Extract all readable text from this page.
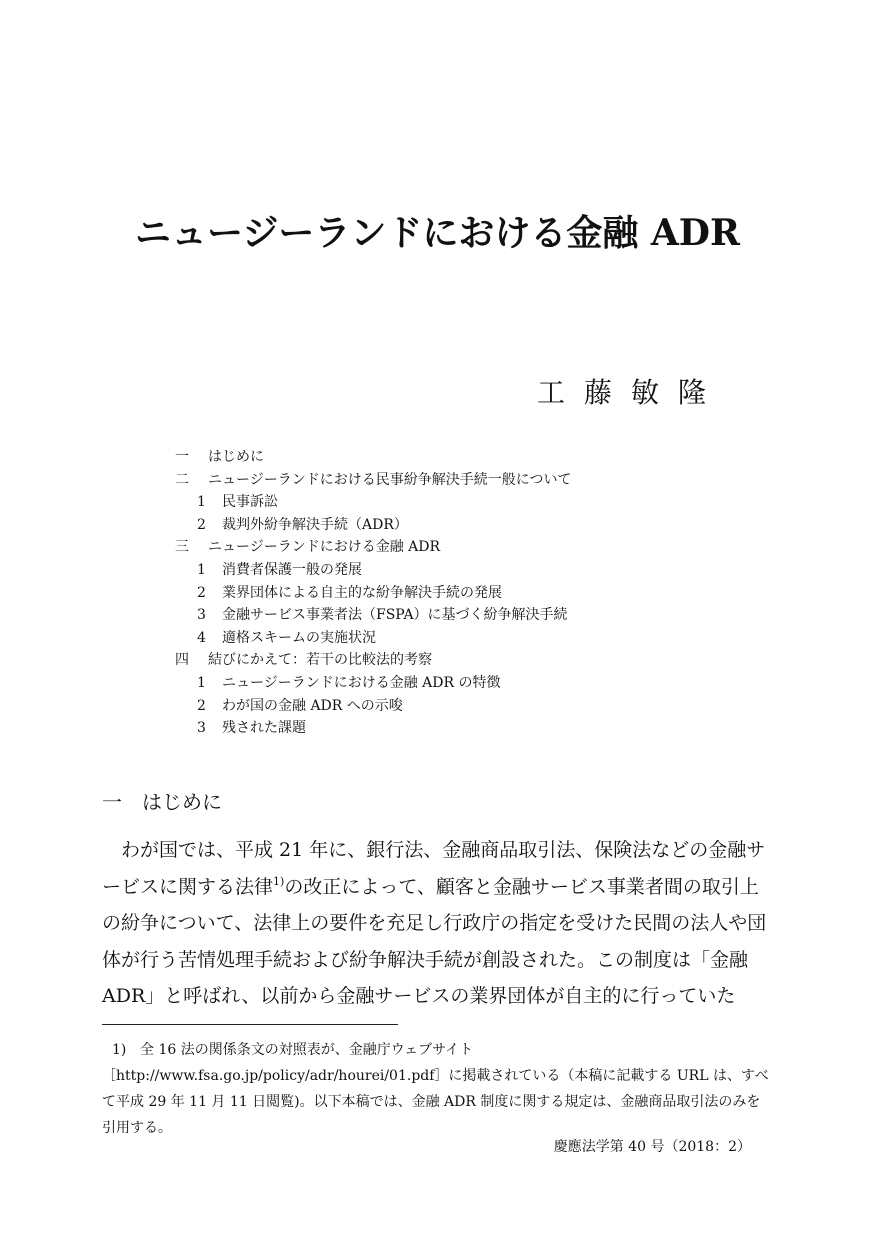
ニュージーランドにおける金融 ADR
工藤敏隆
一 はじめに
二 ニュージーランドにおける民事紛争解決手続一般について
1 民事訴訟
2 裁判外紛争解決手続（ADR）
三 ニュージーランドにおける金融 ADR
1 消費者保護一般の発展
2 業界団体による自主的な紛争解決手続の発展
3 金融サービス事業者法（FSPA）に基づく紛争解決手続
4 適格スキームの実施状況
四 結びにかえて：若干の比較法的考察
1 ニュージーランドにおける金融 ADR の特徴
2 わが国の金融 ADR への示唆
3 残された課題
一 はじめに

わが国では、平成 21 年に、銀行法、金融商品取引法、保険法などの金融サービスに関する法律$^{1)}$の改正によって、顧客と金融サービス事業者間の取引上の紛争について、法律上の要件を充足し行政庁の指定を受けた民間の法人や団体が行う苦情処理手続および紛争解決手続が創設された。この制度は「金融 ADR」と呼ばれ、以前から金融サービスの業界団体が自主的に行っていた

1) 全 16 法の関係条文の対照表が、金融庁ウェブサイト［http://www.fsa.go.jp/policy/adr/hourei/01.pdf］に掲載されている（本稿に記載する URL は、すべて平成 29 年 11 月 11 日閲覧)。以下本稿では、金融 ADR 制度に関する規定は、金融商品取引法のみを引用する。
慶應法学第 40 号（2018：2）
